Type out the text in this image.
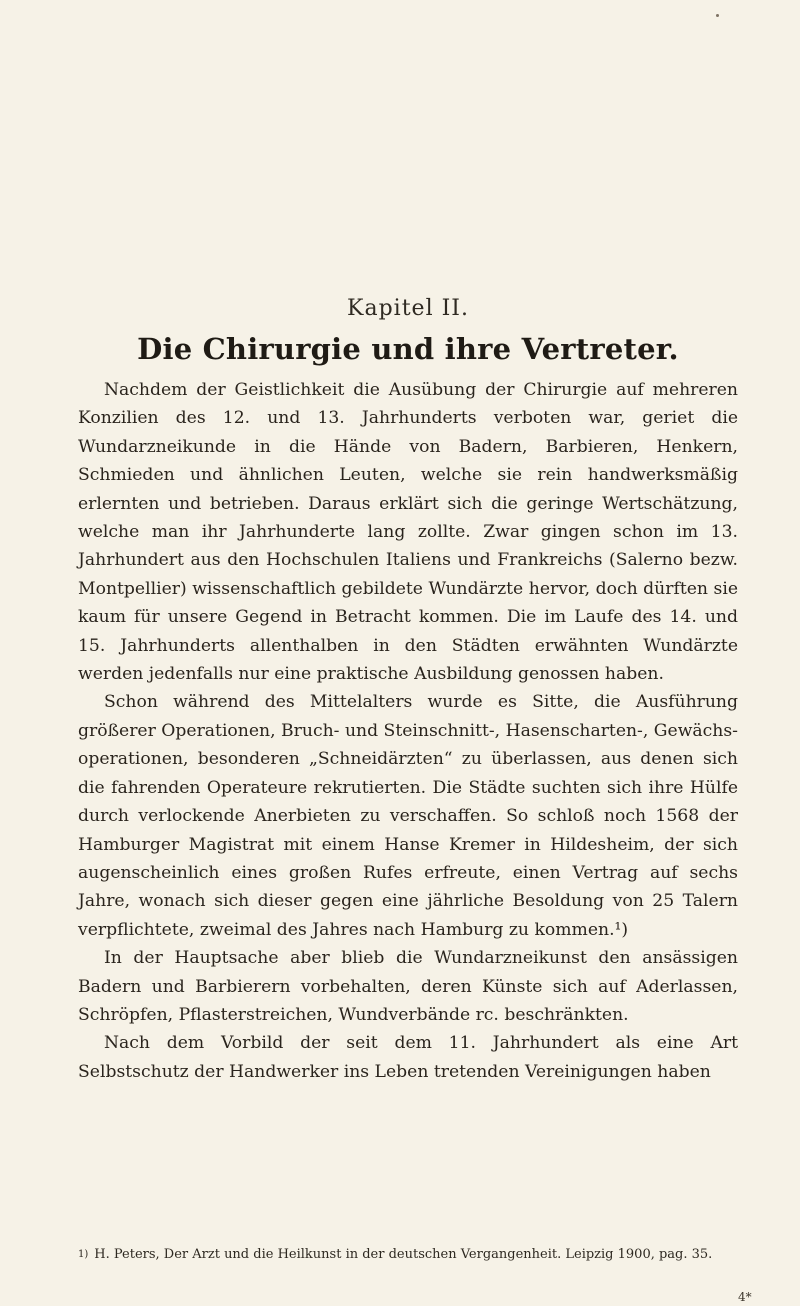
Kapitel II.
Die Chirurgie und ihre Vertreter.

Nachdem der Geistlichkeit die Ausübung der Chirurgie auf mehreren Konzilien des 12. und 13. Jahrhunderts verboten war, geriet die Wundarzneikunde in die Hände von Badern, Barbieren, Henkern, Schmieden und ähnlichen Leuten, welche sie rein handwerksmäßig erlernten und betrieben. Daraus erklärt sich die geringe Wertschätzung, welche man ihr Jahrhunderte lang zollte. Zwar gingen schon im 13. Jahrhundert aus den Hochschulen Italiens und Frankreichs (Salerno bezw. Montpellier) wissenschaftlich gebildete Wundärzte hervor, doch dürften sie kaum für unsere Gegend in Betracht kommen. Die im Laufe des 14. und 15. Jahrhunderts allenthalben in den Städten erwähnten Wundärzte werden jedenfalls nur eine praktische Ausbildung genossen haben.

Schon während des Mittelalters wurde es Sitte, die Ausführung größerer Operationen, Bruch- und Steinschnitt-, Hasenscharten-, Gewächs-operationen, besonderen „Schneidärzten“ zu überlassen, aus denen sich die fahrenden Operateure rekrutierten. Die Städte suchten sich ihre Hülfe durch verlockende Anerbieten zu verschaffen. So schloß noch 1568 der Hamburger Magistrat mit einem Hanse Kremer in Hildesheim, der sich augenscheinlich eines großen Rufes erfreute, einen Vertrag auf sechs Jahre, wonach sich dieser gegen eine jährliche Besoldung von 25 Talern verpflichtete, zweimal des Jahres nach Hamburg zu kommen.¹)

In der Hauptsache aber blieb die Wundarzneikunst den ansässigen Badern und Barbierern vorbehalten, deren Künste sich auf Aderlassen, Schröpfen, Pflasterstreichen, Wundverbände rc. beschränkten.

Nach dem Vorbild der seit dem 11. Jahrhundert als eine Art Selbstschutz der Handwerker ins Leben tretenden Vereinigungen haben

$^{1)}$ H. Peters, Der Arzt und die Heilkunst in der deutschen Vergangenheit. Leipzig 1900, pag. 35.
4*
